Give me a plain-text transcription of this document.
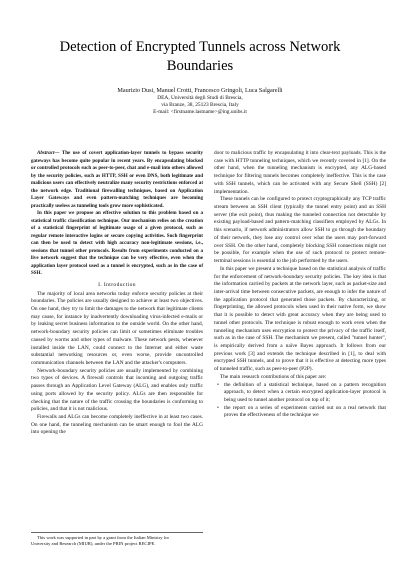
Detection of Encrypted Tunnels across Network
Boundaries
Maurizio Dusi, Manuel Crotti, Francesco Gringoli, Luca Salgarelli
DEA, Università degli Studi di Brescia,
via Branze, 38, 25123 Brescia, Italy
E-mail: <firstname.lastname>@ing.unibs.it

Abstract— The use of covert application-layer tunnels to bypass security gateways has become quite popular in recent years. By encapsulating blocked or controlled protocols such as peer-to-peer, chat and e-mail into others allowed by the security policies, such as HTTP, SSH or even DNS, both legitimate and malicious users can effectively neutralize many security restrictions enforced at the network edge. Traditional firewalling techniques, based on Application Layer Gateways and even pattern-matching techniques are becoming practically useless as tunneling tools grow more sophisticated.

In this paper we propose an effective solution to this problem based on a statistical traffic classification technique. Our mechanism relies on the creation of a statistical fingerprint of legitimate usage of a given protocol, such as regular remote interactive logins or secure copying activities. Such fingerprint can then be used to detect with high accuracy non-legitimate sessions, i.e., sessions that tunnel other protocols. Results from experiments conducted on a live network suggest that the technique can be very effective, even when the application layer protocol used as a tunnel is encrypted, such as in the case of SSH.

I. Introduction

The majority of local area networks today enforce security policies at their boundaries. The policies are usually designed to achieve at least two objectives. On one hand, they try to limit the damages to the network that legitimate clients may cause, for instance by inadvertently downloading virus-infected e-mails or by leaking secret business information to the outside world. On the other hand, network-boundary security policies can limit or sometimes eliminate troubles caused by worms and other types of malware. These network pests, whenever installed inside the LAN, could connect to the Internet and either waste substantial networking resources or, even worse, provide uncontrolled communication channels between the LAN and the attacker's computers.

Network-boundary security policies are usually implemented by combining two types of devices. A firewall controls that incoming and outgoing traffic passes through an Application Level Gateway (ALG), and enables only traffic using ports allowed by the security policy. ALGs are then responsible for checking that the nature of the traffic crossing the boundaries is conforming to policies, and that it is not malicious.

Firewalls and ALGs can become completely ineffective in at least two cases. On one hand, the tunneling mechanism can be smart enough to fool the ALG into opening the

door to malicious traffic by encapsulating it into clear-text payloads. This is the case with HTTP tunneling techniques, which we recently covered in [1]. On the other hand, when the tunneling mechanism is encrypted, any ALG-based technique for filtering tunnels becomes completely ineffective. This is the case with SSH tunnels, which can be activated with any Secure Shell (SSH) [2] implementation.

These tunnels can be configured to protect cryptographically any TCP traffic stream between an SSH client (typically the tunnel entry point) and an SSH server (the exit point), thus making the tunneled connection not detectable by existing payload-based and pattern-matching classifiers employed by ALGs. In this scenario, if network administrators allow SSH to go through the boundary of their network, they lose any control over what the users may port-forward over SSH. On the other hand, completely blocking SSH connections might not be possible, for example when the use of such protocol to protect remote-terminal sessions is essential to the job performed by the users.

In this paper we present a technique based on the statistical analysis of traffic for the enforcement of network-boundary security policies. The key idea is that the information carried by packets at the network layer, such as packet-size and inter-arrival time between consecutive packets, are enough to infer the nature of the application protocol that generated those packets. By characterizing, or fingerprinting, the allowed protocols when used in their native form, we show that it is possible to detect with great accuracy when they are being used to tunnel other protocols. The technique is robust enough to work even when the tunneling mechanism uses encryption to protect the privacy of the traffic itself, such as in the case of SSH. The mechanism we present, called "tunnel hunter", is empirically derived from a naïve Bayes approach. It follows from our previous work [3] and extends the technique described in [1], to deal with encrypted SSH tunnels, and to prove that it is effective at detecting more types of tunneled traffic, such as peer-to-peer (P2P).

The main research contributions of this paper are:

• the definition of a statistical technique, based on a pattern recognition approach, to detect when a certain encrypted application-layer protocol is being used to tunnel another protocol on top of it;
• the report on a series of experiments carried out on a real network that proves the effectiveness of the technique we
This work was supported in part by a grant from the Italian Ministry for
University and Research (MIUR), under the PRIN project RECIPE.
